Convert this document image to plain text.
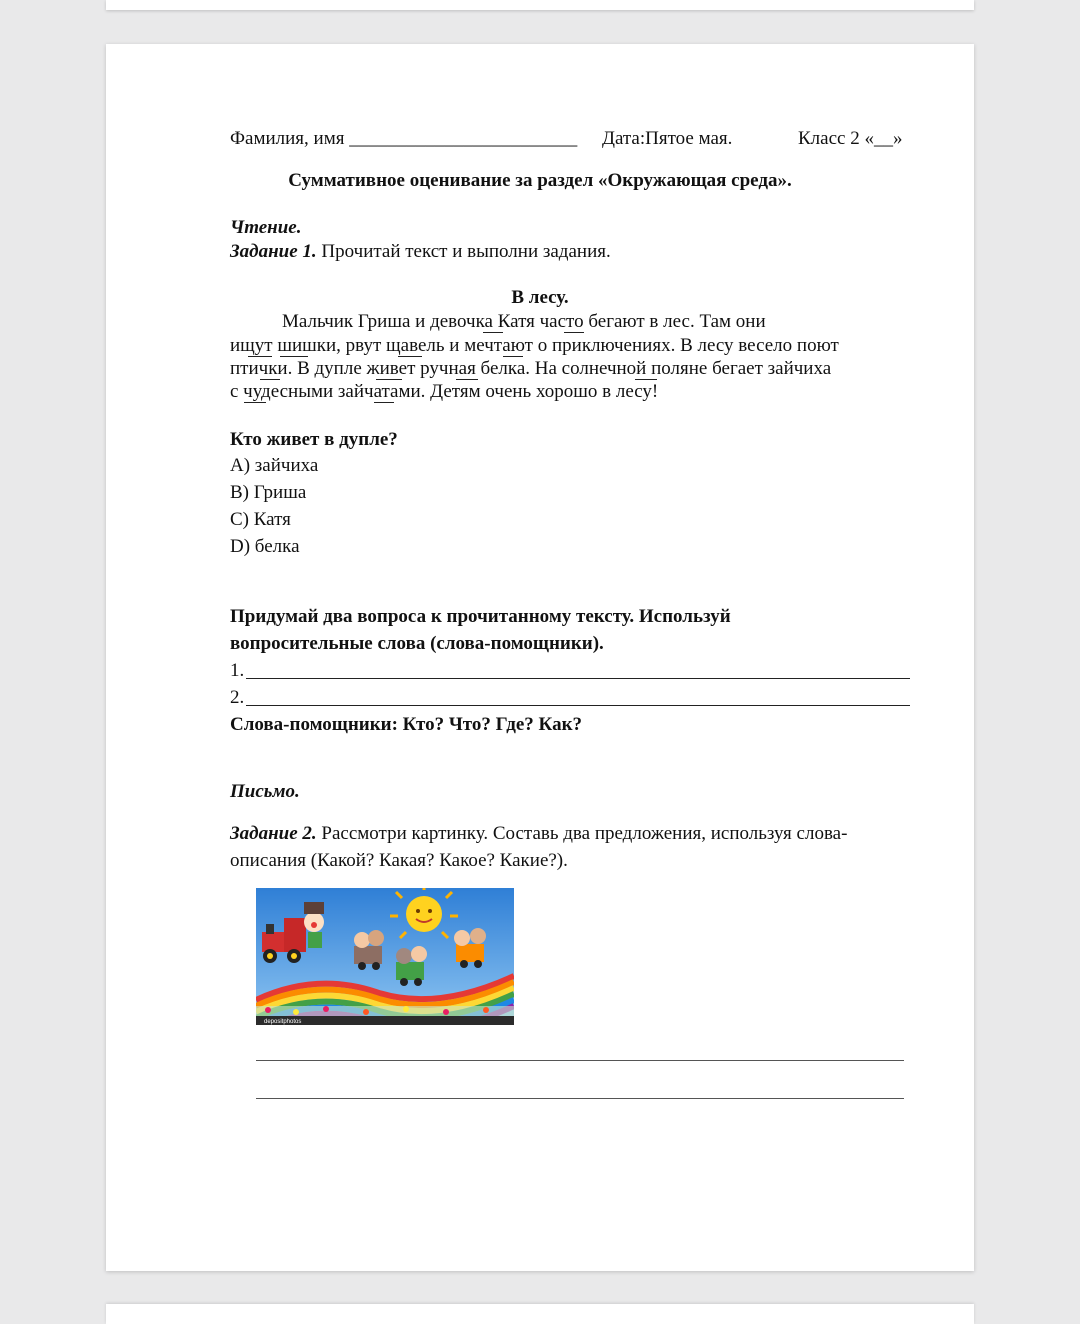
Фамилия, имя ________________________ Дата:Пятое мая.	Класс 2 «__»
Суммативное оценивание за раздел «Окружающая среда».
Чтение.
Задание 1. Прочитай текст и выполни задания.
В лесу.
Мальчик Гриша и девочка Катя часто бегают в лес. Там они
ищут шишки, рвут щавель и мечтают о приключениях. В лесу весело поют
птички. В дупле живет ручная белка. На солнечной поляне бегает зайчиха
с чудесными зайчатами. Детям очень хорошо в лесу!
Кто живет в дупле?
A) зайчиха
B) Гриша
C) Катя
D) белка
Придумай два вопроса к прочитанному тексту. Используй
вопросительные слова (слова-помощники).
1.
2.
Слова-помощники: Кто? Что? Где? Как?
Письмо.
Задание 2. Рассмотри картинку. Составь два предложения, используя слова-
описания (Какой? Какая? Какое? Какие?).
depositphotos
